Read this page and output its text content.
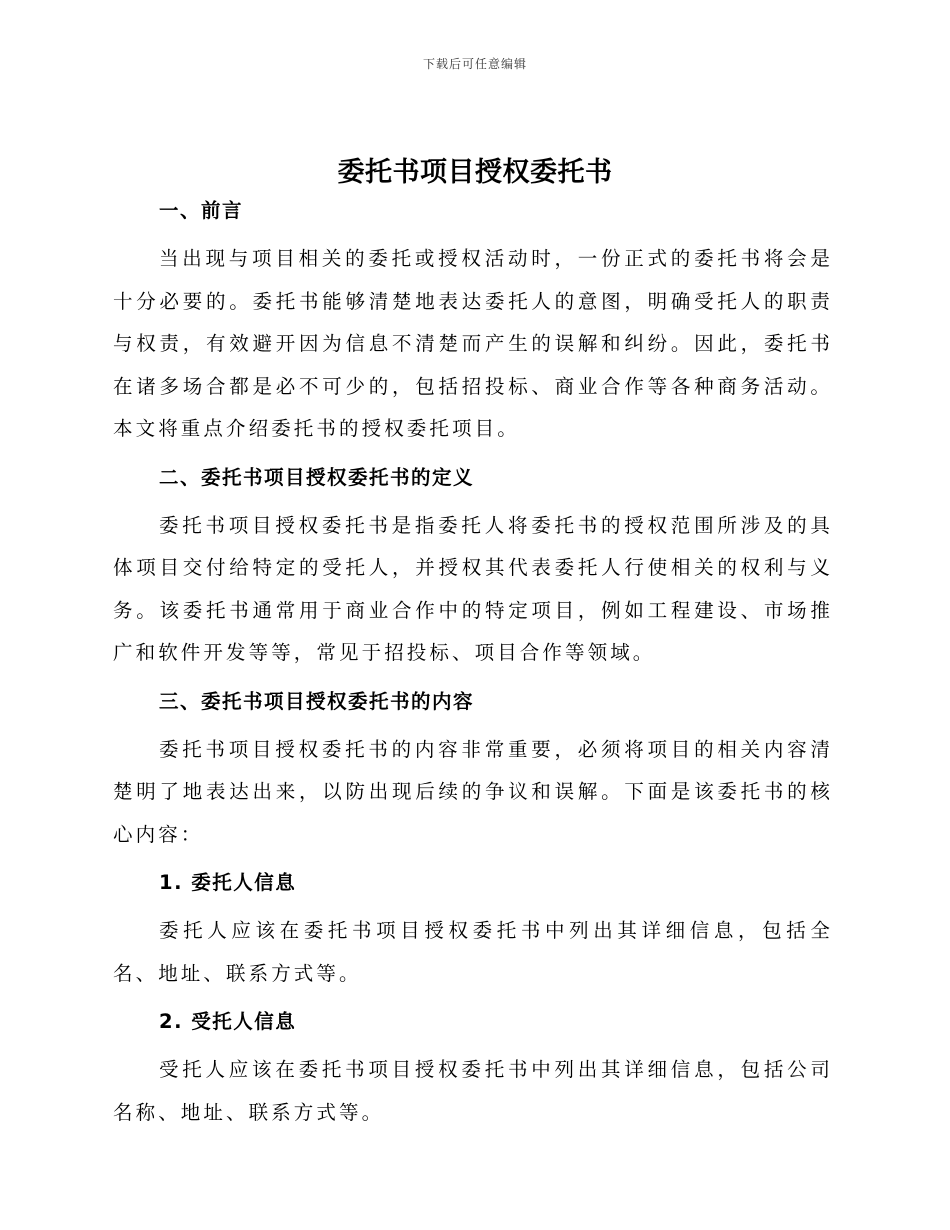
下载后可任意编辑
委托书项目授权委托书
一、前言

当出现与项目相关的委托或授权活动时，一份正式的委托书将会是十分必要的。委托书能够清楚地表达委托人的意图，明确受托人的职责与权责，有效避开因为信息不清楚而产生的误解和纠纷。因此，委托书在诸多场合都是必不可少的，包括招投标、商业合作等各种商务活动。本文将重点介绍委托书的授权委托项目。

二、委托书项目授权委托书的定义

委托书项目授权委托书是指委托人将委托书的授权范围所涉及的具体项目交付给特定的受托人，并授权其代表委托人行使相关的权利与义务。该委托书通常用于商业合作中的特定项目，例如工程建设、市场推广和软件开发等等，常见于招投标、项目合作等领域。

三、委托书项目授权委托书的内容

委托书项目授权委托书的内容非常重要，必须将项目的相关内容清楚明了地表达出来，以防出现后续的争议和误解。下面是该委托书的核心内容：

1. 委托人信息

委托人应该在委托书项目授权委托书中列出其详细信息，包括全名、地址、联系方式等。

2. 受托人信息

受托人应该在委托书项目授权委托书中列出其详细信息，包括公司名称、地址、联系方式等。
